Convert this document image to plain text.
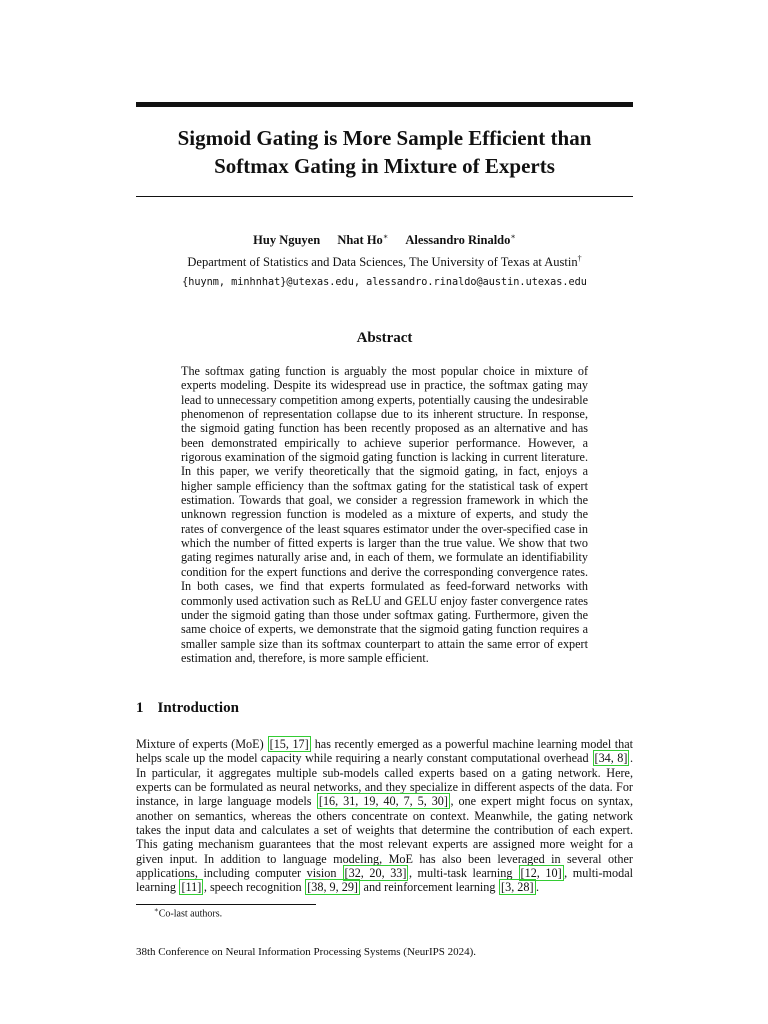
Sigmoid Gating is More Sample Efficient than
Softmax Gating in Mixture of Experts
Huy Nguyen Nhat Ho∗ Alessandro Rinaldo∗
Department of Statistics and Data Sciences, The University of Texas at Austin†
{huynm, minhnhat}@utexas.edu, alessandro.rinaldo@austin.utexas.edu
Abstract
The softmax gating function is arguably the most popular choice in mixture of experts modeling. Despite its widespread use in practice, the softmax gating may lead to unnecessary competition among experts, potentially causing the undesirable phenomenon of representation collapse due to its inherent structure. In response, the sigmoid gating function has been recently proposed as an alternative and has been demonstrated empirically to achieve superior performance. However, a rigorous examination of the sigmoid gating function is lacking in current literature. In this paper, we verify theoretically that the sigmoid gating, in fact, enjoys a higher sample efficiency than the softmax gating for the statistical task of expert estimation. Towards that goal, we consider a regression framework in which the unknown regression function is modeled as a mixture of experts, and study the rates of convergence of the least squares estimator under the over-specified case in which the number of fitted experts is larger than the true value. We show that two gating regimes naturally arise and, in each of them, we formulate an identifiability condition for the expert functions and derive the corresponding convergence rates. In both cases, we find that experts formulated as feed-forward networks with commonly used activation such as ReLU and GELU enjoy faster convergence rates under the sigmoid gating than those under softmax gating. Furthermore, given the same choice of experts, we demonstrate that the sigmoid gating function requires a smaller sample size than its softmax counterpart to attain the same error of expert estimation and, therefore, is more sample efficient.
1 Introduction
Mixture of experts (MoE) [15, 17] has recently emerged as a powerful machine learning model that helps scale up the model capacity while requiring a nearly constant computational overhead [34, 8] . In particular, it aggregates multiple sub-models called experts based on a gating network. Here, experts can be formulated as neural networks, and they specialize in different aspects of the data. For instance, in large language models [16, 31, 19, 40, 7, 5, 30] , one expert might focus on syntax, another on semantics, whereas the others concentrate on context. Meanwhile, the gating network takes the input data and calculates a set of weights that determine the contribution of each expert. This gating mechanism guarantees that the most relevant experts are assigned more weight for a given input. In addition to language modeling, MoE has also been leveraged in several other applications, including computer vision [32, 20, 33] , multi-task learning [12, 10] , multi-modal learning [11] , speech recognition [38, 9, 29] and reinforcement learning [3, 28] .
∗Co-last authors.
38th Conference on Neural Information Processing Systems (NeurIPS 2024).
